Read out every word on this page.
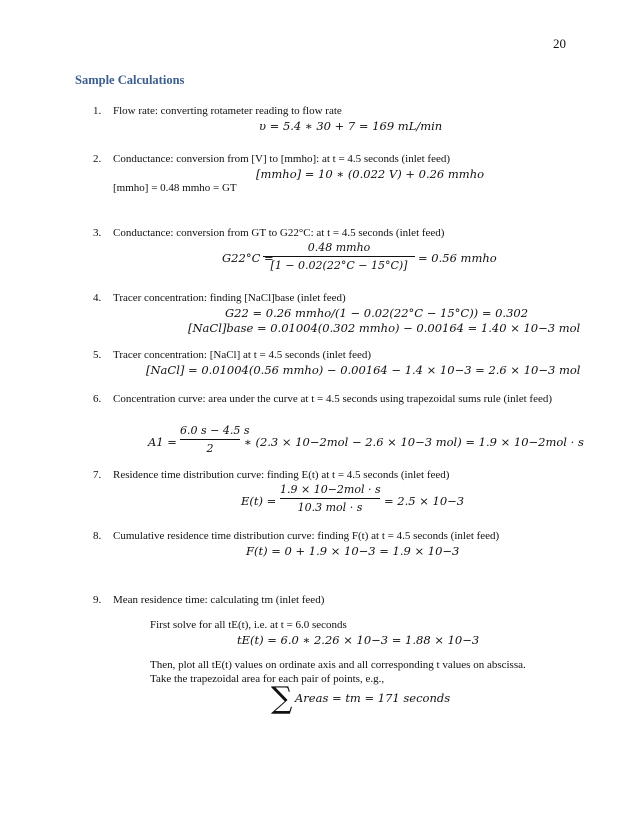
20
Sample Calculations
1. Flow rate: converting rotameter reading to flow rate
υ = 5.4 ∗ 30 + 7 = 169 mL/min
2. Conductance: conversion from [V] to [mmho]: at t = 4.5 seconds (inlet feed)
[mmho] = 10 ∗ (0.022 V) + 0.26 mmho
[mmho] = 0.48 mmho = GT
3. Conductance: conversion from GT to G22°C: at t = 4.5 seconds (inlet feed)
G22°C =
0.48 mmho
[1 − 0.02(22°C − 15°C)]
= 0.56 mmho
4. Tracer concentration: finding [NaCl]base (inlet feed)
G22 = 0.26 mmho/(1 − 0.02(22°C − 15°C)) = 0.302
[NaCl]base = 0.01004(0.302 mmho) − 0.00164 = 1.40 × 10−3 mol
5. Tracer concentration: [NaCl] at t = 4.5 seconds (inlet feed)
[NaCl] = 0.01004(0.56 mmho) − 0.00164 − 1.4 × 10−3 = 2.6 × 10−3 mol
6. Concentration curve: area under the curve at t = 4.5 seconds using trapezoidal sums rule (inlet feed)
A1 =
6.0 s − 4.5 s
2	∗ (2.3 × 10−2mol − 2.6 × 10−3 mol) = 1.9 × 10−2mol · s
7. Residence time distribution curve: finding E(t) at t = 4.5 seconds (inlet feed)
E(t) =
1.9 × 10−2mol · s
10.3 mol · s	= 2.5 × 10−3
8. Cumulative residence time distribution curve: finding F(t) at t = 4.5 seconds (inlet feed)
F(t) = 0 + 1.9 × 10−3 = 1.9 × 10−3
9. Mean residence time: calculating tm (inlet feed)
First solve for all tE(t), i.e. at t = 6.0 seconds
tE(t) = 6.0 ∗ 2.26 × 10−3 = 1.88 × 10−3
Then, plot all tE(t) values on ordinate axis and all corresponding t values on abscissa. Take the trapezoidal area for each pair of points, e.g.,
∑ Areas = tm = 171 seconds
